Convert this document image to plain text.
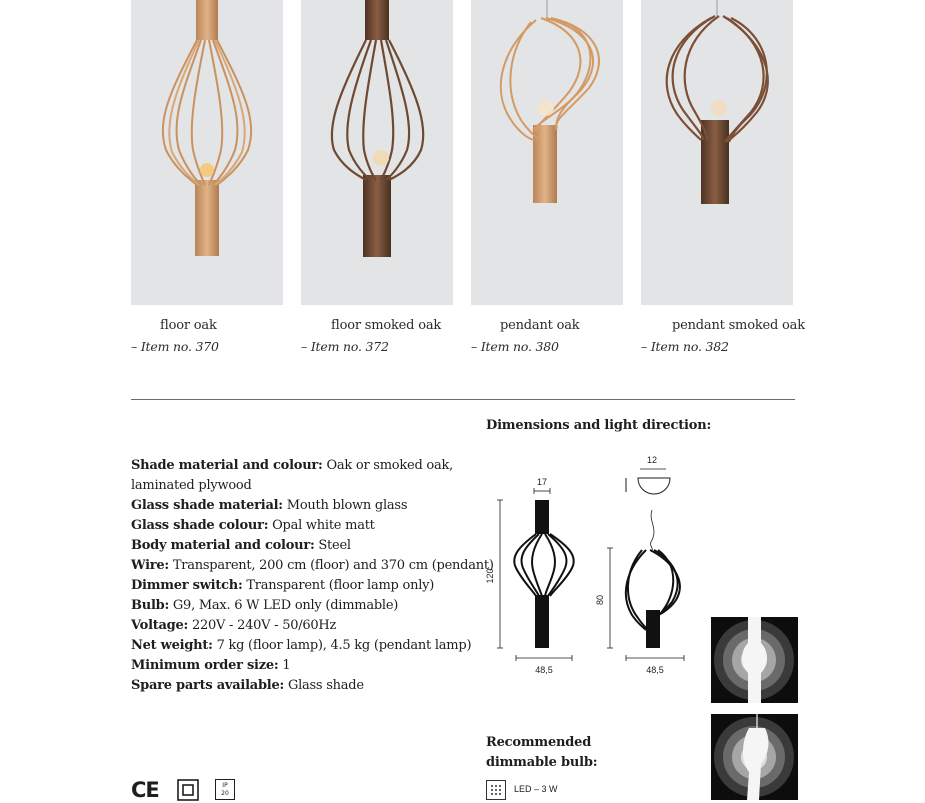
floor oak
– Item no. 370
floor smoked oak
– Item no. 372
pendant oak
– Item no. 380
pendant smoked oak
– Item no. 382
Shade material and colour: Oak or smoked oak,
laminated plywood
Glass shade material: Mouth blown glass
Glass shade colour: Opal white matt
Body material and colour: Steel
Wire: Transparent, 200 cm (floor) and 370 cm (pendant)
Dimmer switch: Transparent (floor lamp only)
Bulb: G9, Max. 6 W LED only (dimmable)
Voltage: 220V - 240V - 50/60Hz
Net weight: 7 kg (floor lamp), 4.5 kg (pendant lamp)
Minimum order size: 1
Spare parts available: Glass shade
Dimensions and light direction:
17
120
48,5
12
80
48,5
Recommended
dimmable bulb:
LED – 3 W
CE	IP
20
